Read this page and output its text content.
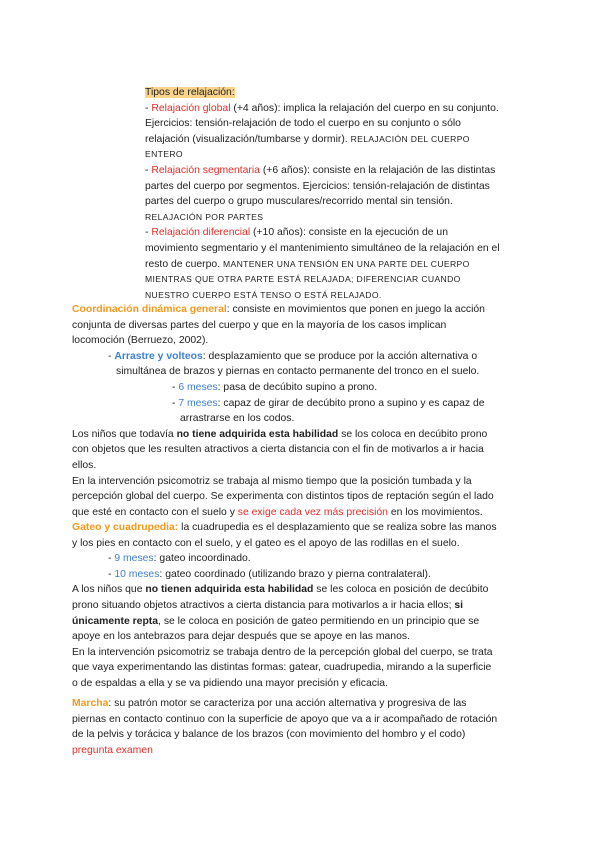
Tipos de relajación:
- Relajación global (+4 años): implica la relajación del cuerpo en su conjunto.
Ejercicios: tensión-relajación de todo el cuerpo en su conjunto o sólo
relajación (visualización/tumbarse y dormir). RELAJACIÓN DEL CUERPO
ENTERO
- Relajación segmentaria (+6 años): consiste en la relajación de las distintas
partes del cuerpo por segmentos. Ejercicios: tensión-relajación de distintas
partes del cuerpo o grupo musculares/recorrido mental sin tensión.
RELAJACIÓN POR PARTES
- Relajación diferencial (+10 años): consiste en la ejecución de un
movimiento segmentario y el mantenimiento simultáneo de la relajación en el
resto de cuerpo. MANTENER UNA TENSIÓN EN UNA PARTE DEL CUERPO
MIENTRAS QUE OTRA PARTE ESTÁ RELAJADA; DIFERENCIAR CUANDO
NUESTRO CUERPO ESTÁ TENSO O ESTÁ RELAJADO.
Coordinación dinámica general: consiste en movimientos que ponen en juego la acción
conjunta de diversas partes del cuerpo y que en la mayoría de los casos implican
locomoción (Berruezo, 2002).
- Arrastre y volteos: desplazamiento que se produce por la acción alternativa o
simultánea de brazos y piernas en contacto permanente del tronco en el suelo.
- 6 meses: pasa de decúbito supino a prono.
- 7 meses: capaz de girar de decúbito prono a supino y es capaz de
arrastrarse en los codos.
Los niños que todavía no tiene adquirida esta habilidad se los coloca en decúbito prono
con objetos que les resulten atractivos a cierta distancia con el fin de motivarlos a ir hacia
ellos.
En la intervención psicomotriz se trabaja al mismo tiempo que la posición tumbada y la
percepción global del cuerpo. Se experimenta con distintos tipos de reptación según el lado
que esté en contacto con el suelo y se exige cada vez más precisión en los movimientos.
Gateo y cuadrupedia: la cuadrupedia es el desplazamiento que se realiza sobre las manos
y los pies en contacto con el suelo, y el gateo es el apoyo de las rodillas en el suelo.
- 9 meses: gateo incoordinado.
- 10 meses: gateo coordinado (utilizando brazo y pierna contralateral).
A los niños que no tienen adquirida esta habilidad se les coloca en posición de decúbito
prono situando objetos atractivos a cierta distancia para motivarlos a ir hacia ellos; si
únicamente repta, se le coloca en posición de gateo permitiendo en un principio que se
apoye en los antebrazos para dejar después que se apoye en las manos.
En la intervención psicomotriz se trabaja dentro de la percepción global del cuerpo, se trata
que vaya experimentando las distintas formas: gatear, cuadrupedia, mirando a la superficie
o de espaldas a ella y se va pidiendo una mayor precisión y eficacia.
Marcha: su patrón motor se caracteriza por una acción alternativa y progresiva de las
piernas en contacto continuo con la superficie de apoyo que va a ir acompañado de rotación
de la pelvis y torácica y balance de los brazos (con movimiento del hombro y el codo)
pregunta examen
